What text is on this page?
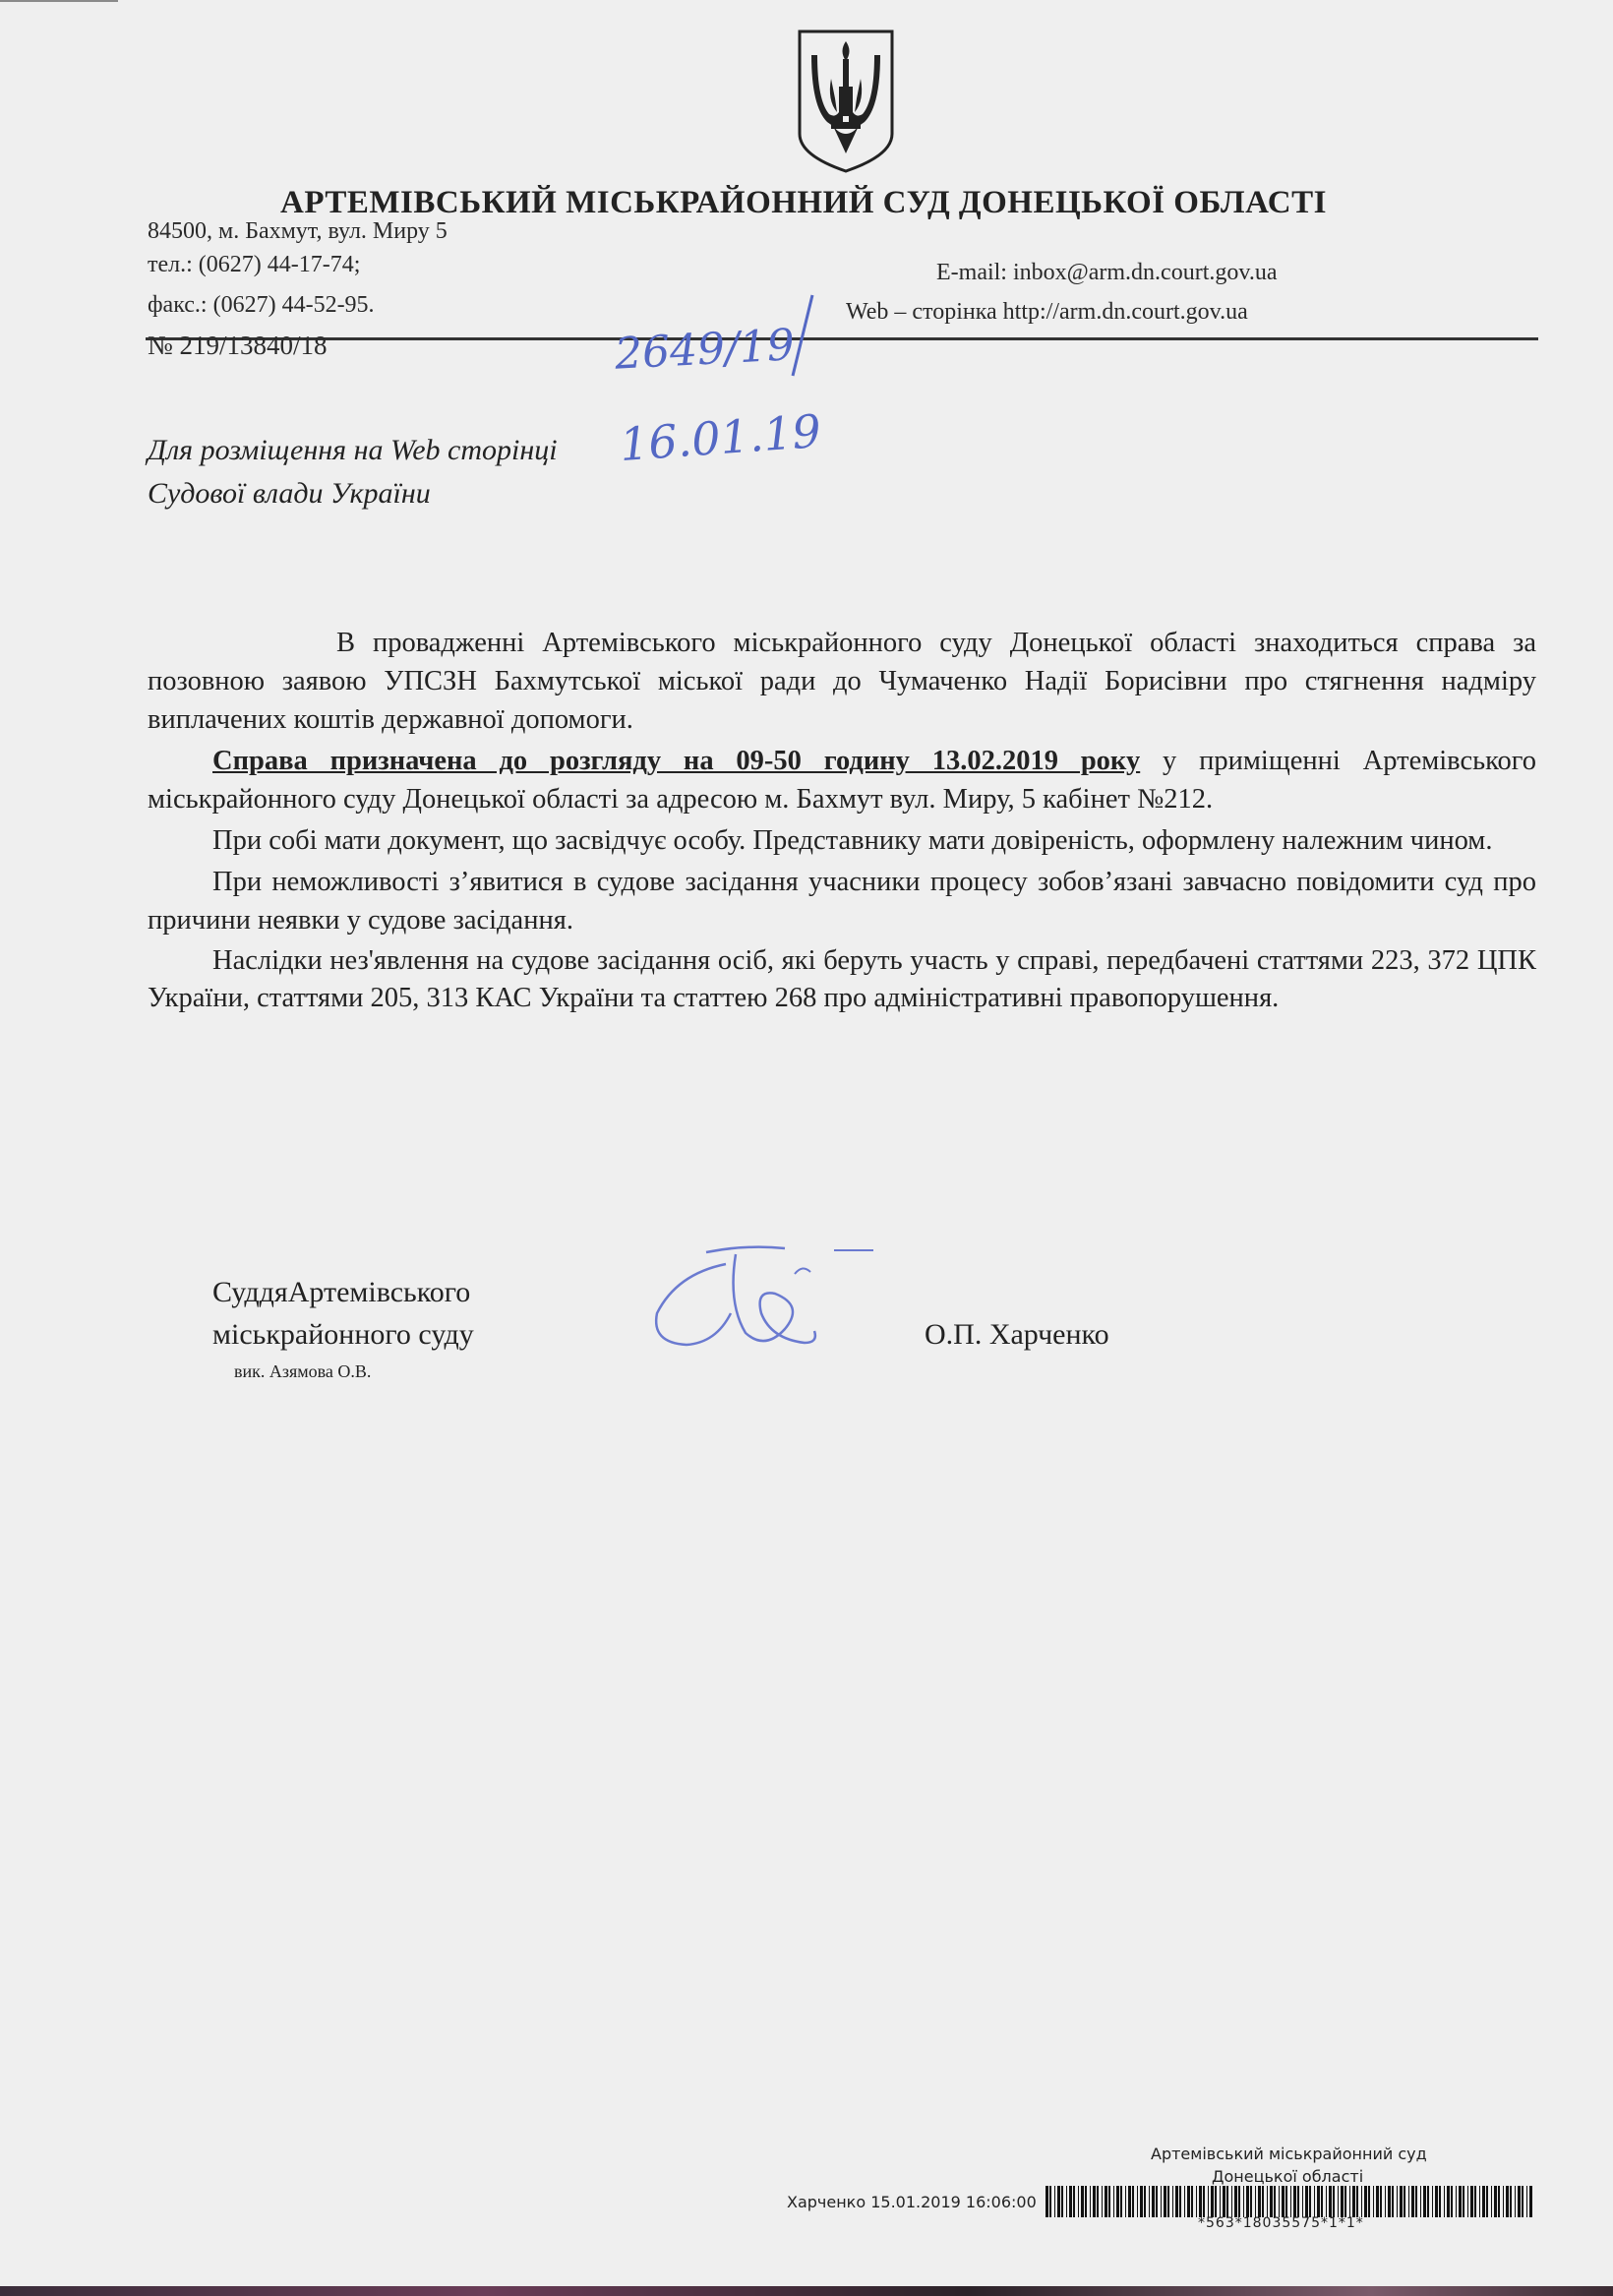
АРТЕМІВСЬКИЙ МІСЬКРАЙОННИЙ СУД ДОНЕЦЬКОЇ ОБЛАСТІ
84500, м. Бахмут, вул. Миру 5
тел.: (0627) 44-17-74;
факс.: (0627) 44-52-95.
E-mail: inbox@arm.dn.court.gov.ua
Web – сторінка http://arm.dn.court.gov.ua
№ 219/13840/18	2649/19
Для розміщення на Web сторінці
Судової влади України
16.01.19

В провадженні Артемівського міськрайонного суду Донецької області знаходиться справа за позовною заявою УПСЗН Бахмутської міської ради до Чумаченко Надії Борисівни про стягнення надміру виплачених коштів державної допомоги.

Справа призначена до розгляду на 09-50 годину 13.02.2019 року у приміщенні Артемівського міськрайонного суду Донецької області за адресою м. Бахмут вул. Миру, 5 кабінет №212.

При собі мати документ, що засвідчує особу. Представнику мати довіреність, оформлену належним чином.

При неможливості з’явитися в судове засідання учасники процесу зобов’язані завчасно повідомити суд про причини неявки у судове засідання.

Наслідки нез'явлення на судове засідання осіб, які беруть участь у справі, передбачені статтями 223, 372 ЦПК України, статтями 205, 313 КАС України та статтею 268 про адміністративні правопорушення.

СуддяАртемівського
міськрайонного суду
вик. Азямова О.В.
О.П. Харченко
Артемівський міськрайонний суд
Донецької області
Харченко 15.01.2019 16:06:00
*563*18035575*1*1*
